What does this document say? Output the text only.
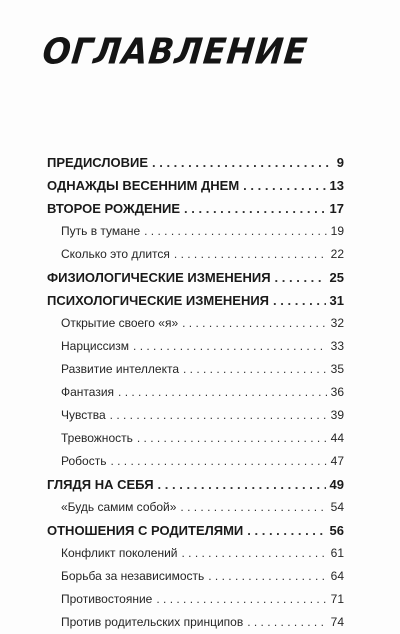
ОГЛАВЛЕНИЕ
ПРЕДИСЛОВИЕ . . .	9
ОДНАЖДЫ ВЕСЕННИМ ДНЕМ . . .	13
ВТОРОЕ РОЖДЕНИЕ . . .	17
Путь в тумане . . .	19
Сколько это длится . . .	22
ФИЗИОЛОГИЧЕСКИЕ ИЗМЕНЕНИЯ . . .	25
ПСИХОЛОГИЧЕСКИЕ ИЗМЕНЕНИЯ . . .	31
Открытие своего «я» . . .	32
Нарциссизм . . .	33
Развитие интеллекта . . .	35
Фантазия . . .	36
Чувства . . .	39
Тревожность . . .	44
Робость . . .	47
ГЛЯДЯ НА СЕБЯ . . .	49
«Будь самим собой» . . .	54
ОТНОШЕНИЯ С РОДИТЕЛЯМИ . . .	56
Конфликт поколений . . .	61
Борьба за независимость . . .	64
Противостояние . . .	71
Против родительских принципов . . .	74
